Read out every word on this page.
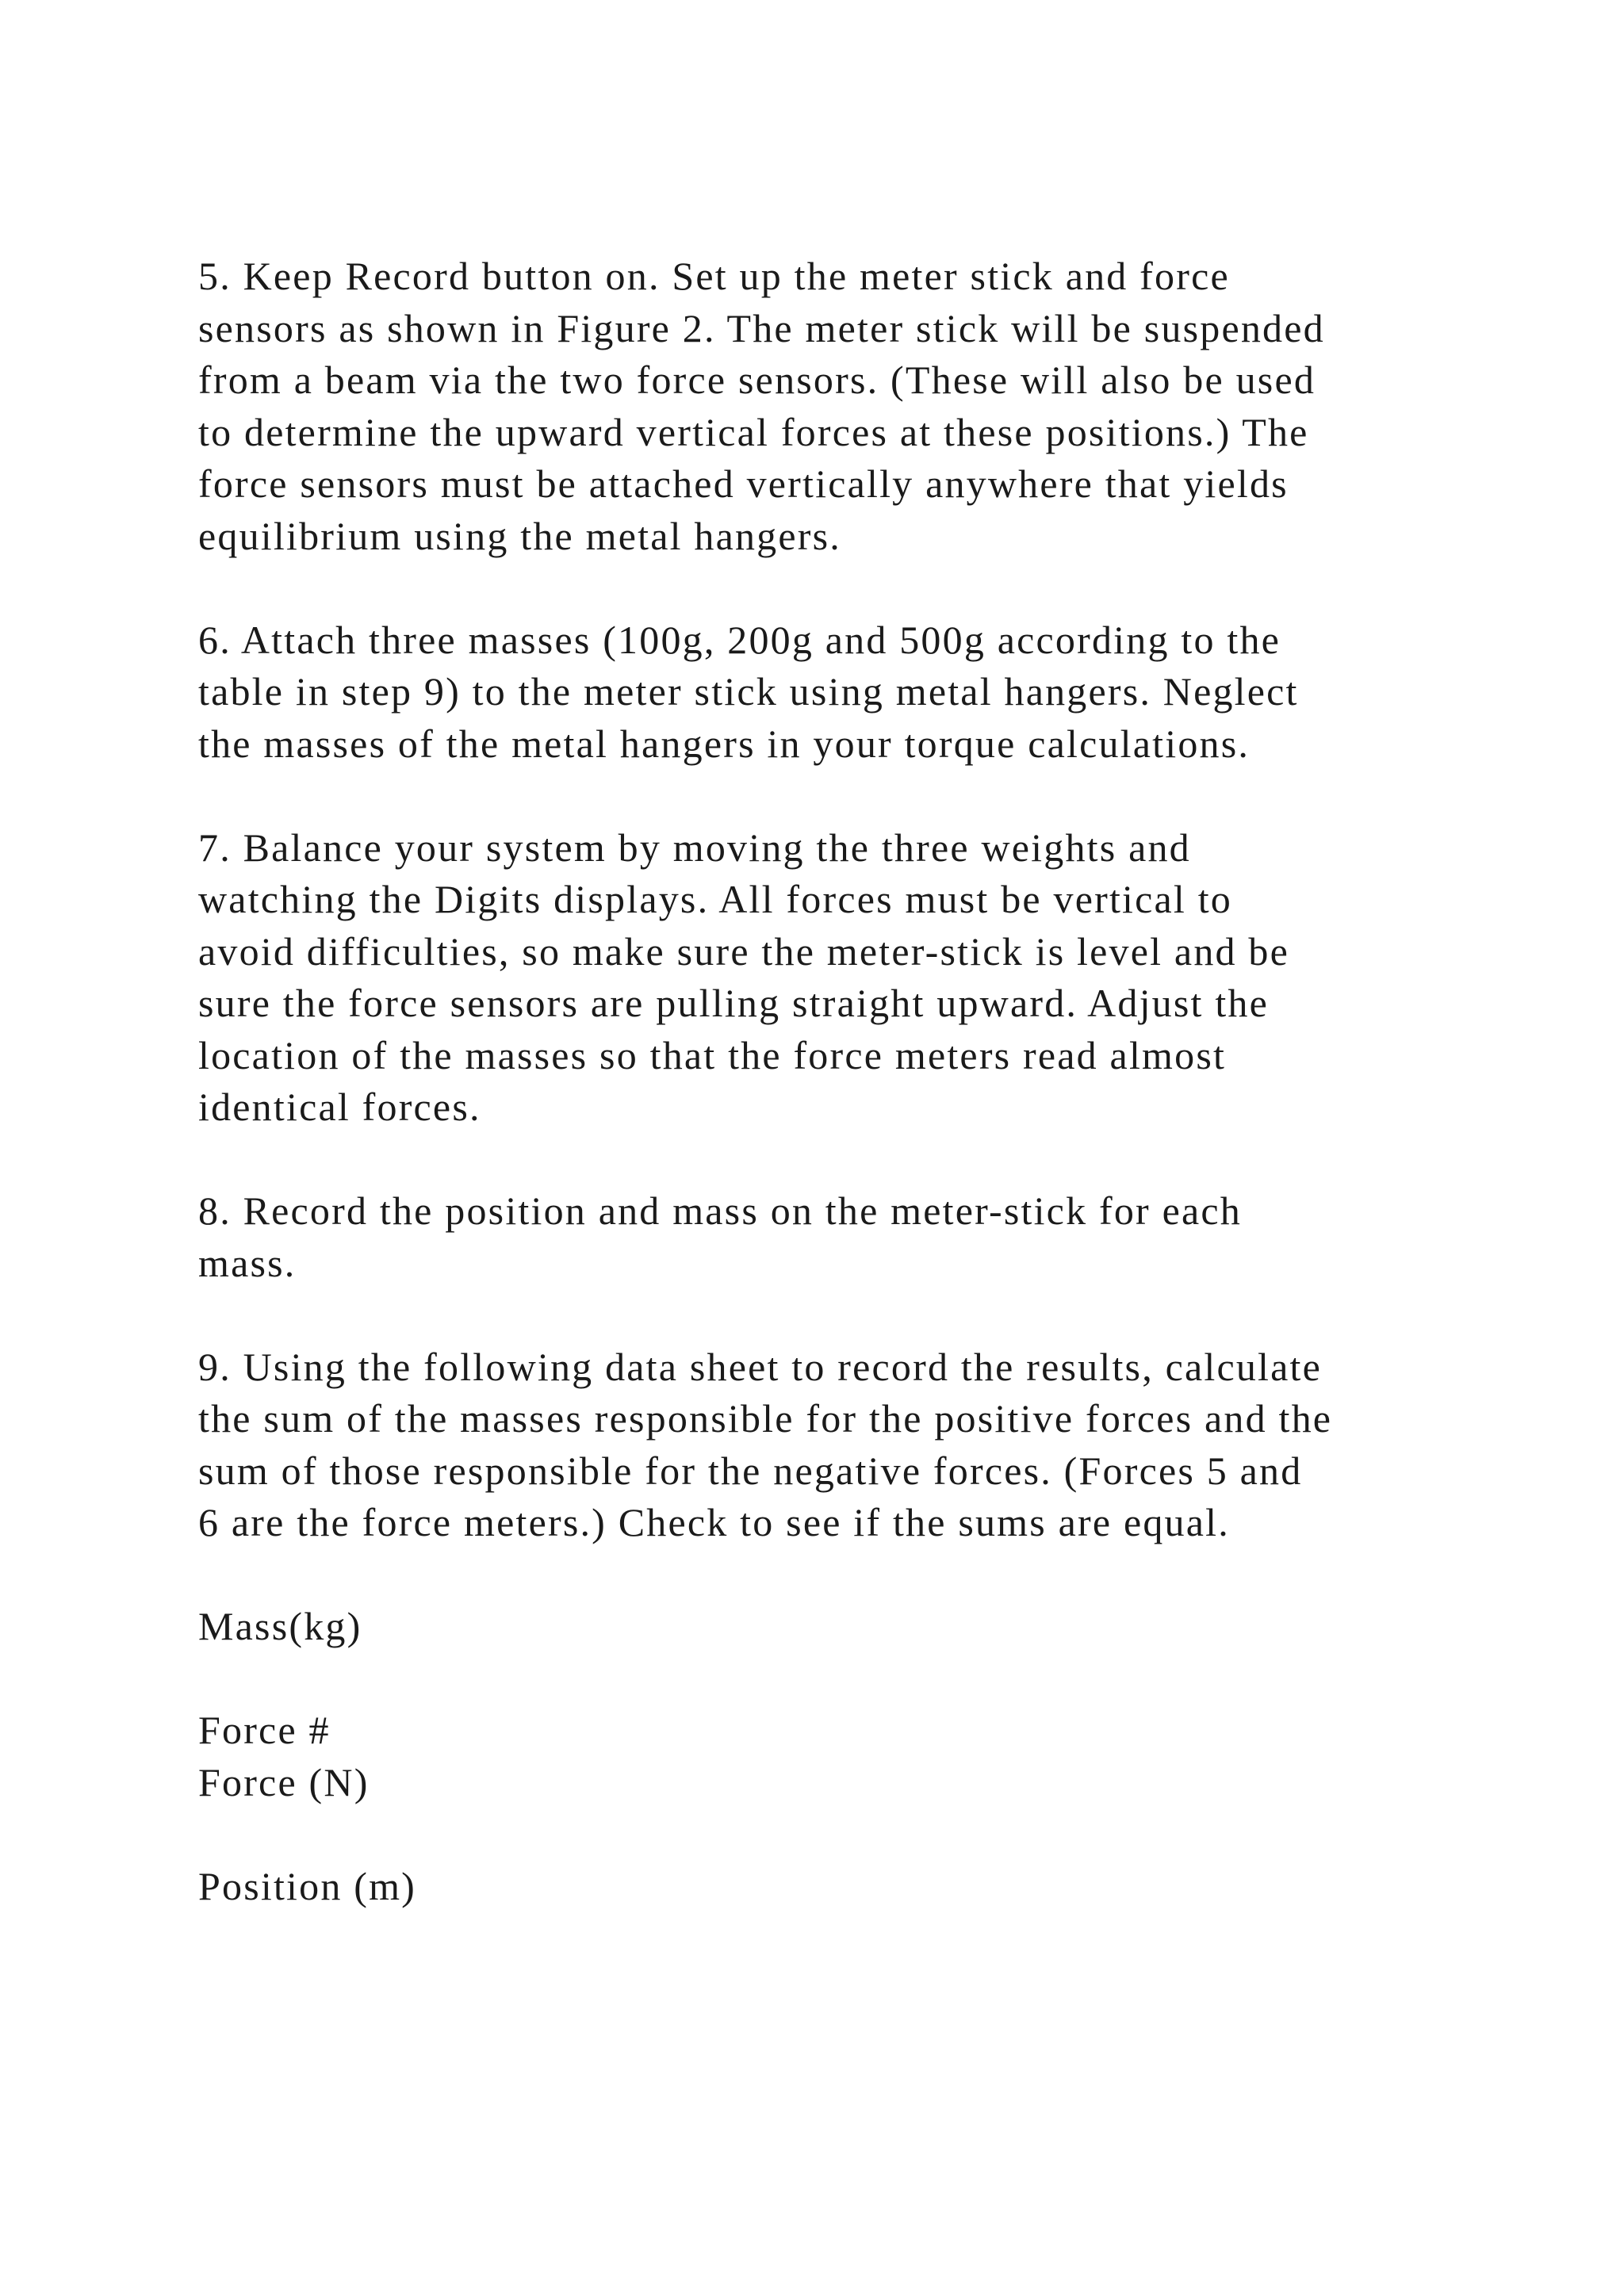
5. Keep Record button on. Set up the meter stick and force
sensors as shown in Figure 2. The meter stick will be suspended
from a beam via the two force sensors. (These will also be used
to determine the upward vertical forces at these positions.) The
force sensors must be attached vertically anywhere that yields
equilibrium using the metal hangers.
6. Attach three masses (100g, 200g and 500g according to the
table in step 9) to the meter stick using metal hangers. Neglect
the masses of the metal hangers in your torque calculations.
7. Balance your system by moving the three weights and
watching the Digits displays. All forces must be vertical to
avoid difficulties, so make sure the meter-stick is level and be
sure the force sensors are pulling straight upward. Adjust the
location of the masses so that the force meters read almost
identical forces.
8. Record the position and mass on the meter-stick for each
mass.
9. Using the following data sheet to record the results, calculate
the sum of the masses responsible for the positive forces and the
sum of those responsible for the negative forces. (Forces 5 and
6 are the force meters.) Check to see if the sums are equal.
Mass(kg)
Force #
Force (N)
Position (m)
